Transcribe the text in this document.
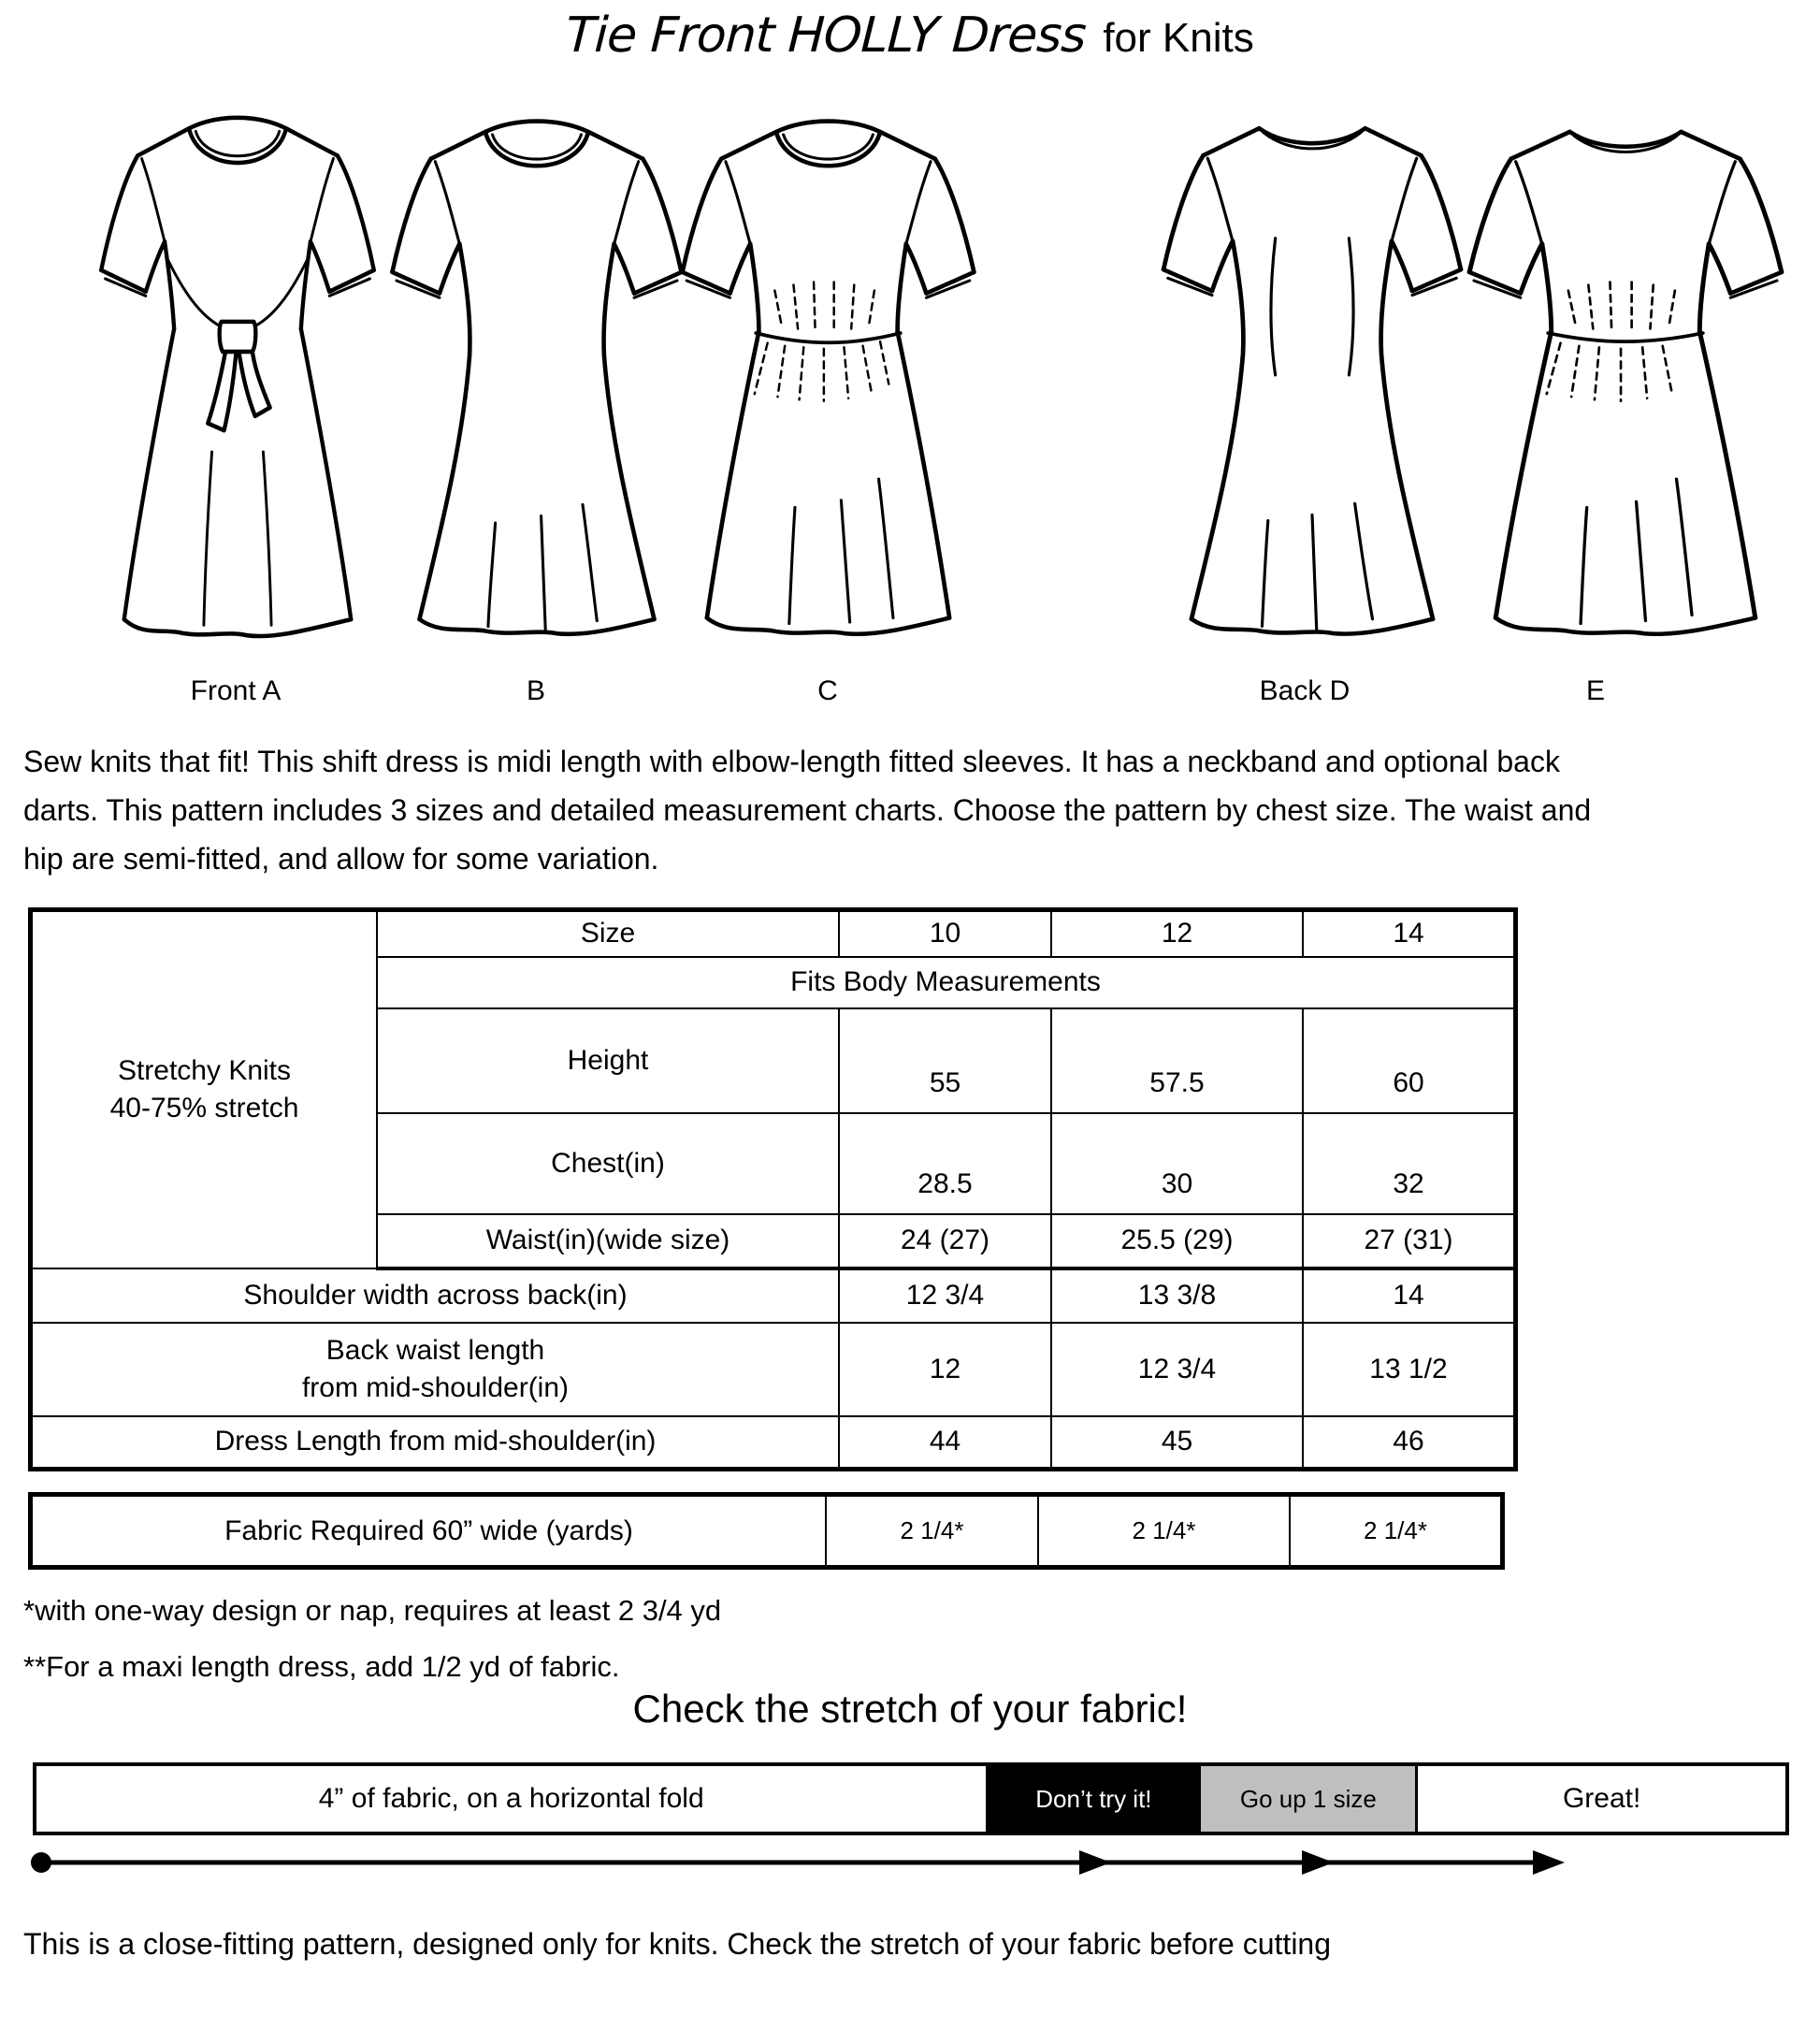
Tie Front HOLLY Dress for Knits
Front A	B	C	Back D	E
Sew knits that fit! This shift dress is midi length with elbow-length fitted sleeves. It has a neckband and optional back
darts. This pattern includes 3 sizes and detailed measurement charts. Choose the pattern by chest size. The waist and
hip are semi-fitted, and allow for some variation.
Stretchy Knits
40-75% stretch	Size	10	12	14
	Fits Body Measurements			
	Height	55	57.5	60
	Chest(in)	28.5	30	32
	Waist(in)(wide size)	24 (27)	25.5 (29)	27 (31)
Shoulder width across back(in)		12 3/4	13 3/8	14

Back waist length
from mid-shoulder(in)		12	12 3/4	13 1/2
Dress Length from mid-shoulder(in)		44	45	46
Fabric Required 60” wide (yards)	2 1/4*	2 1/4*	2 1/4*
*with one-way design or nap, requires at least 2 3/4 yd
**For a maxi length dress, add 1/2 yd of fabric.
Check the stretch of your fabric!
4” of fabric, on a horizontal fold	Don’t try it!	Go up 1 size	Great!
This is a close-fitting pattern, designed only for knits. Check the stretch of your fabric before cutting
